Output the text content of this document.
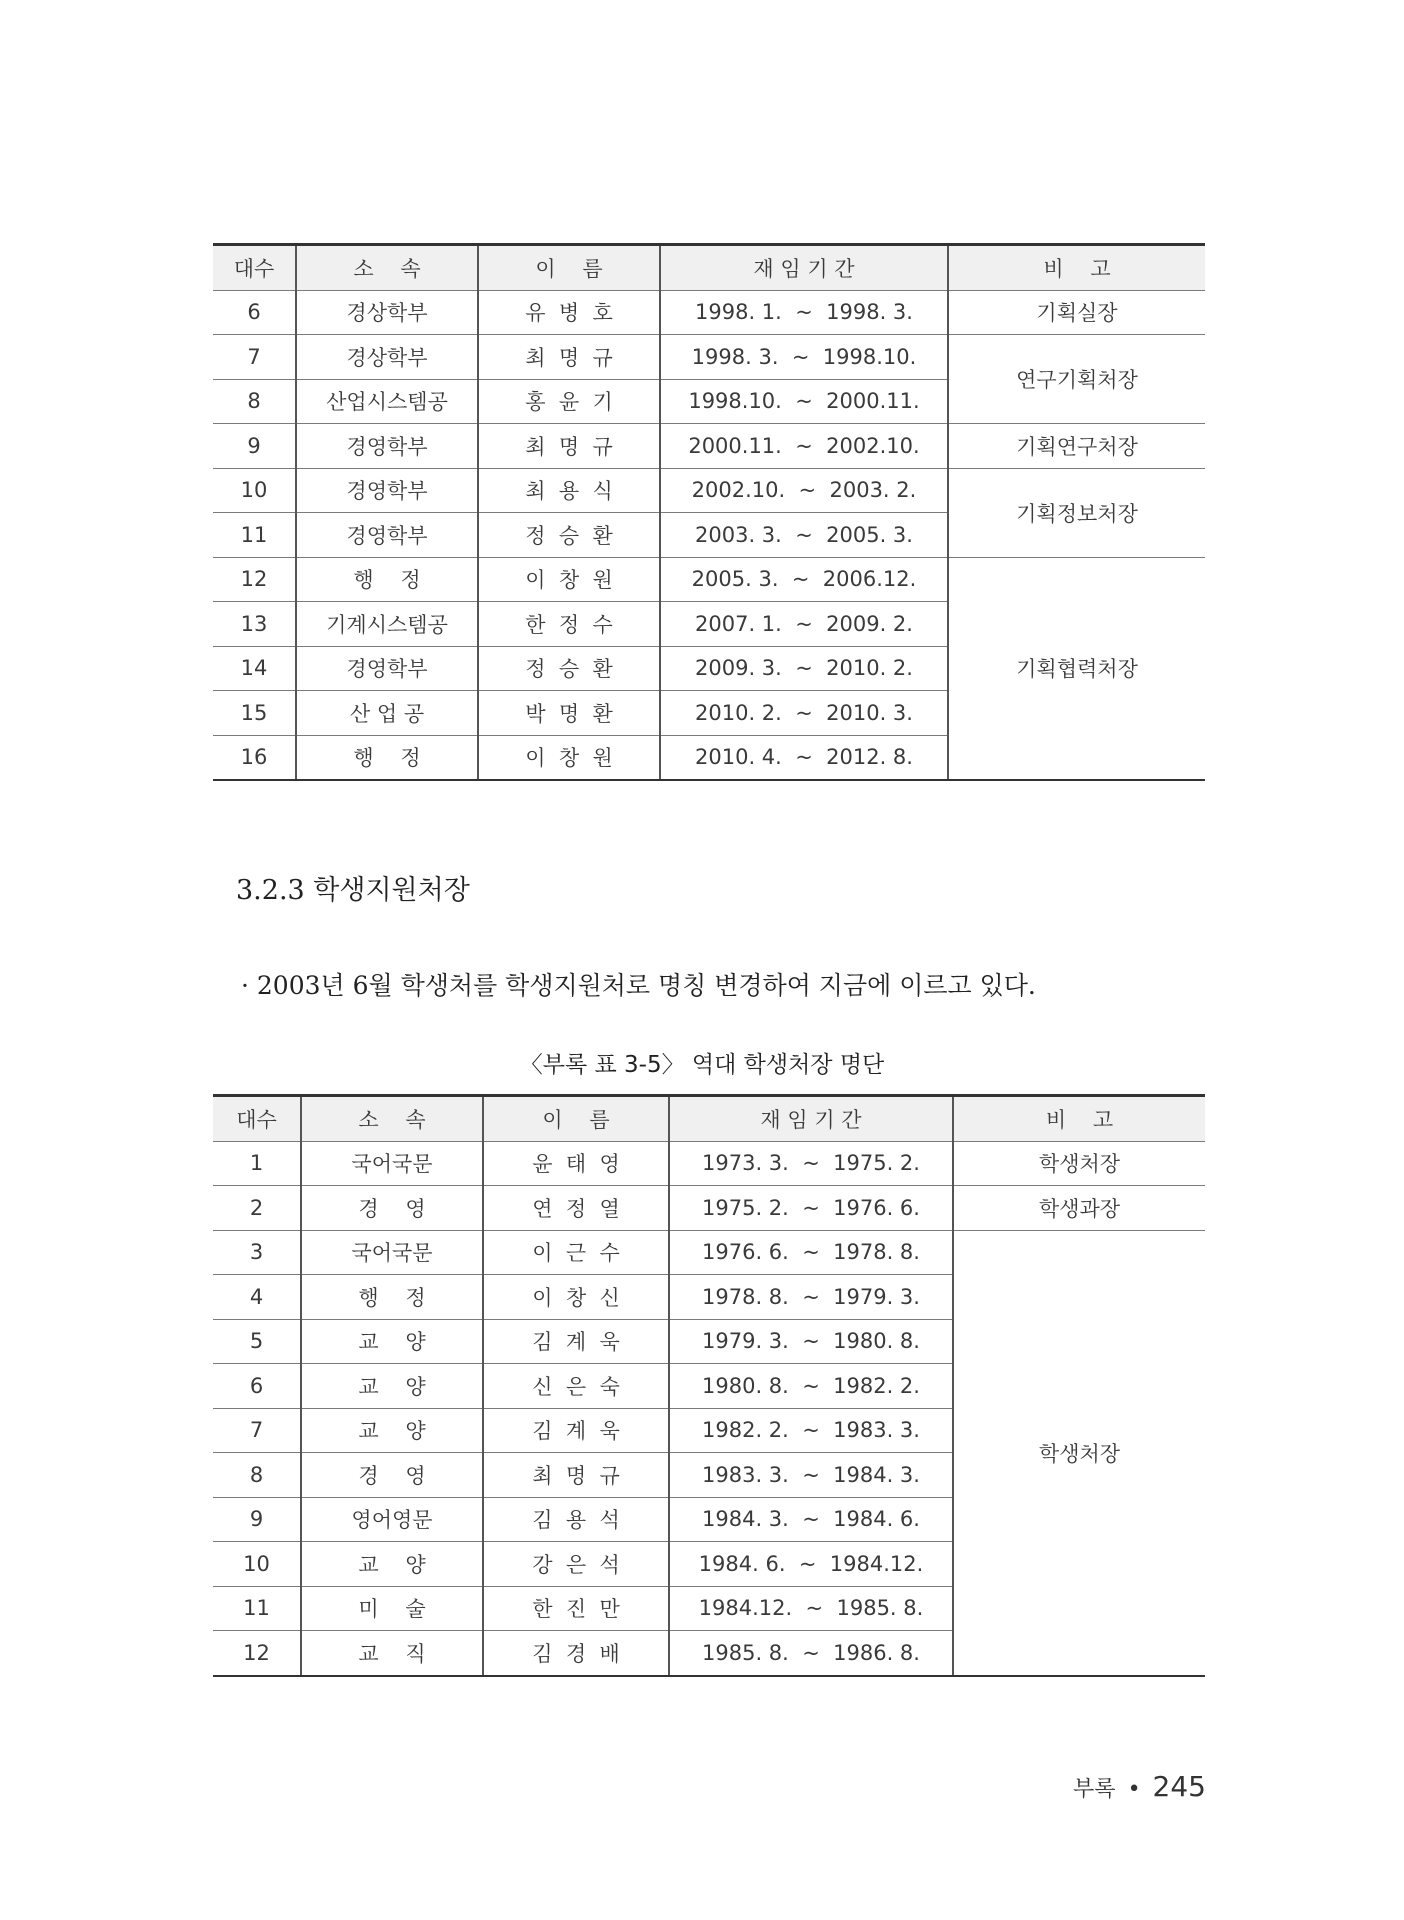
대수	소    속	이    름	재 임 기 간	비    고
6	경상학부	유  병  호	1998. 1.  ~  1998. 3.	기획실장
7	경상학부	최  명  규	1998. 3.  ~  1998.10.	연구기획처장
8	산업시스템공	홍  윤  기	1998.10.  ~  2000.11.	
9	경영학부	최  명  규	2000.11.  ~  2002.10.	기획연구처장
10	경영학부	최  용  식	2002.10.  ~  2003. 2.	기획정보처장
11	경영학부	정  승  환	2003. 3.  ~  2005. 3.	
12	행    정	이  창  원	2005. 3.  ~  2006.12.	기획협력처장
13	기계시스템공	한  정  수	2007. 1.  ~  2009. 2.	
14	경영학부	정  승  환	2009. 3.  ~  2010. 2.	
15	산 업 공	박  명  환	2010. 2.  ~  2010. 3.	
16	행    정	이  창  원	2010. 4.  ~  2012. 8.	
3.2.3 학생지원처장

· 2003년 6월 학생처를 학생지원처로 명칭 변경하여 지금에 이르고 있다.

〈부록 표 3-5〉 역대 학생처장 명단

대수	소    속	이    름	재 임 기 간	비    고
1	국어국문	윤  태  영	1973. 3.  ~  1975. 2.	학생처장
2	경    영	연  정  열	1975. 2.  ~  1976. 6.	학생과장
3	국어국문	이  근  수	1976. 6.  ~  1978. 8.	학생처장
4	행    정	이  창  신	1978. 8.  ~  1979. 3.	
5	교    양	김  계  욱	1979. 3.  ~  1980. 8.	
6	교    양	신  은  숙	1980. 8.  ~  1982. 2.	
7	교    양	김  계  욱	1982. 2.  ~  1983. 3.	
8	경    영	최  명  규	1983. 3.  ~  1984. 3.	
9	영어영문	김  용  석	1984. 3.  ~  1984. 6.	
10	교    양	강  은  석	1984. 6.  ~  1984.12.	
11	미    술	한  진  만	1984.12.  ~  1985. 8.	
12	교    직	김  경  배	1985. 8.  ~  1986. 8.	
부록 • 245
